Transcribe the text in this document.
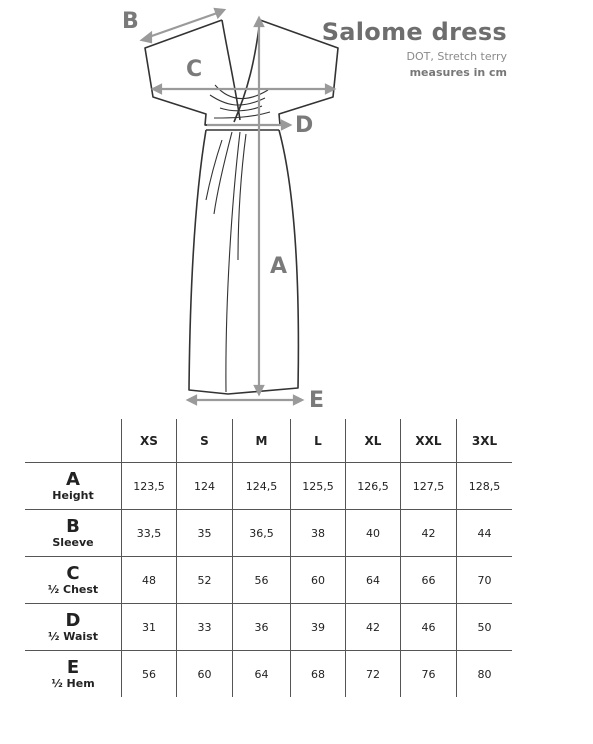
Salome dress
DOT, Stretch terry
measures in cm
B
C
D
A
E
	XS	S	M	L	XL	XXL	3XL

A
Height	123,5	124	124,5	125,5	126,5	127,5	128,5

B
Sleeve	33,5	35	36,5	38	40	42	44

C
½ Chest	48	52	56	60	64	66	70

D
½ Waist	31	33	36	39	42	46	50

E
½ Hem	56	60	64	68	72	76	80
